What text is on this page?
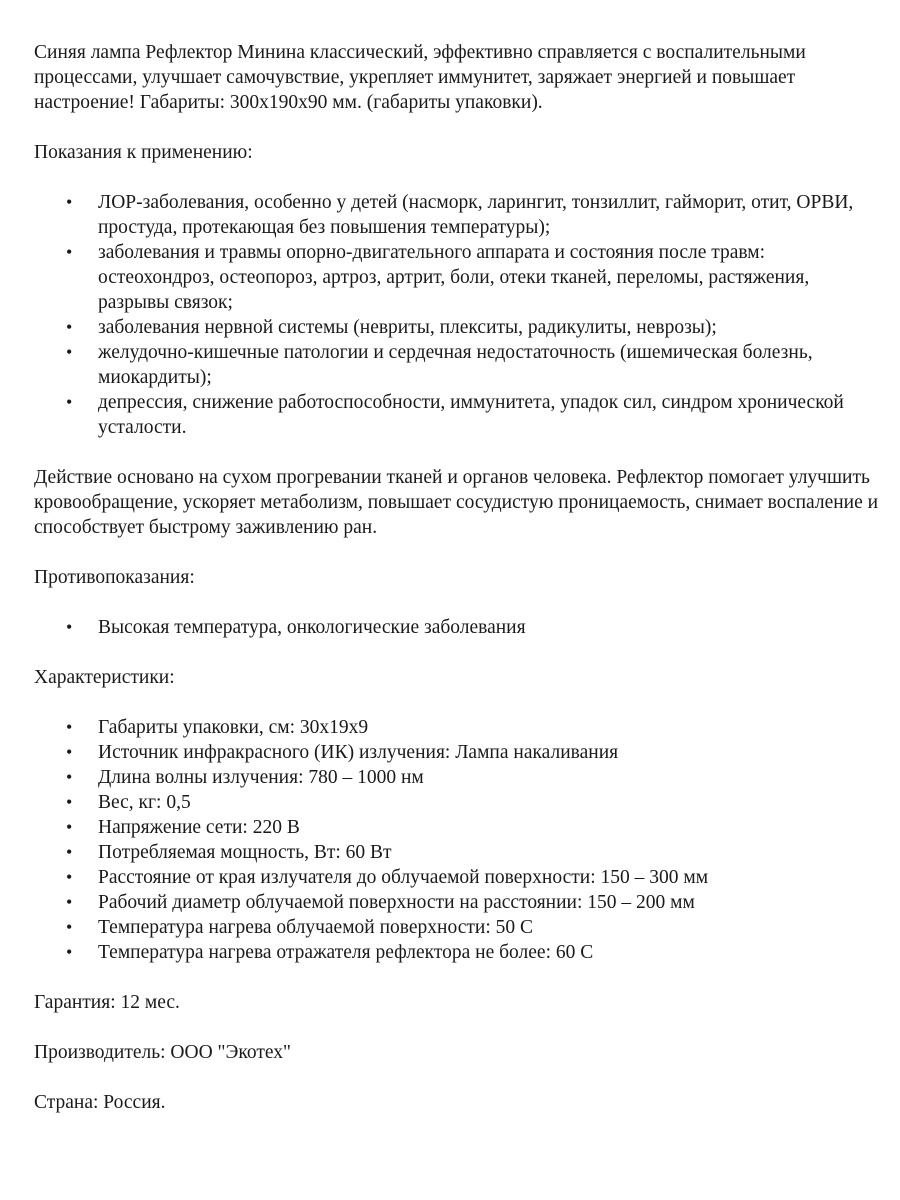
Синяя лампа Рефлектор Минина классический, эффективно справляется с воспалительными процессами, улучшает самочувствие, укрепляет иммунитет, заряжает энергией и повышает настроение! Габариты: 300х190х90 мм. (габариты упаковки).

Показания к применению:

• ЛОР-заболевания, особенно у детей (насморк, ларингит, тонзиллит, гайморит, отит, ОРВИ, простуда, протекающая без повышения температуры);
• заболевания и травмы опорно-двигательного аппарата и состояния после травм: остеохондроз, остеопороз, артроз, артрит, боли, отеки тканей, переломы, растяжения, разрывы связок;
• заболевания нервной системы (невриты, плекситы, радикулиты, неврозы);
• желудочно-кишечные патологии и сердечная недостаточность (ишемическая болезнь, миокардиты);
• депрессия, снижение работоспособности, иммунитета, упадок сил, синдром хронической усталости.

Действие основано на сухом прогревании тканей и органов человека. Рефлектор помогает улучшить кровообращение, ускоряет метаболизм, повышает сосудистую проницаемость, снимает воспаление и способствует быстрому заживлению ран.

Противопоказания:

• Высокая температура, онкологические заболевания

Характеристики:

• Габариты упаковки, см: 30х19х9
• Источник инфракрасного (ИК) излучения: Лампа накаливания
• Длина волны излучения: 780 – 1000 нм
• Вес, кг: 0,5
• Напряжение сети: 220 В
• Потребляемая мощность, Вт: 60 Вт
• Расстояние от края излучателя до облучаемой поверхности: 150 – 300 мм
• Рабочий диаметр облучаемой поверхности на расстоянии: 150 – 200 мм
• Температура нагрева облучаемой поверхности: 50 С
• Температура нагрева отражателя рефлектора не более: 60 С

Гарантия: 12 мес.

Производитель: ООО "Экотех"

Страна: Россия.
